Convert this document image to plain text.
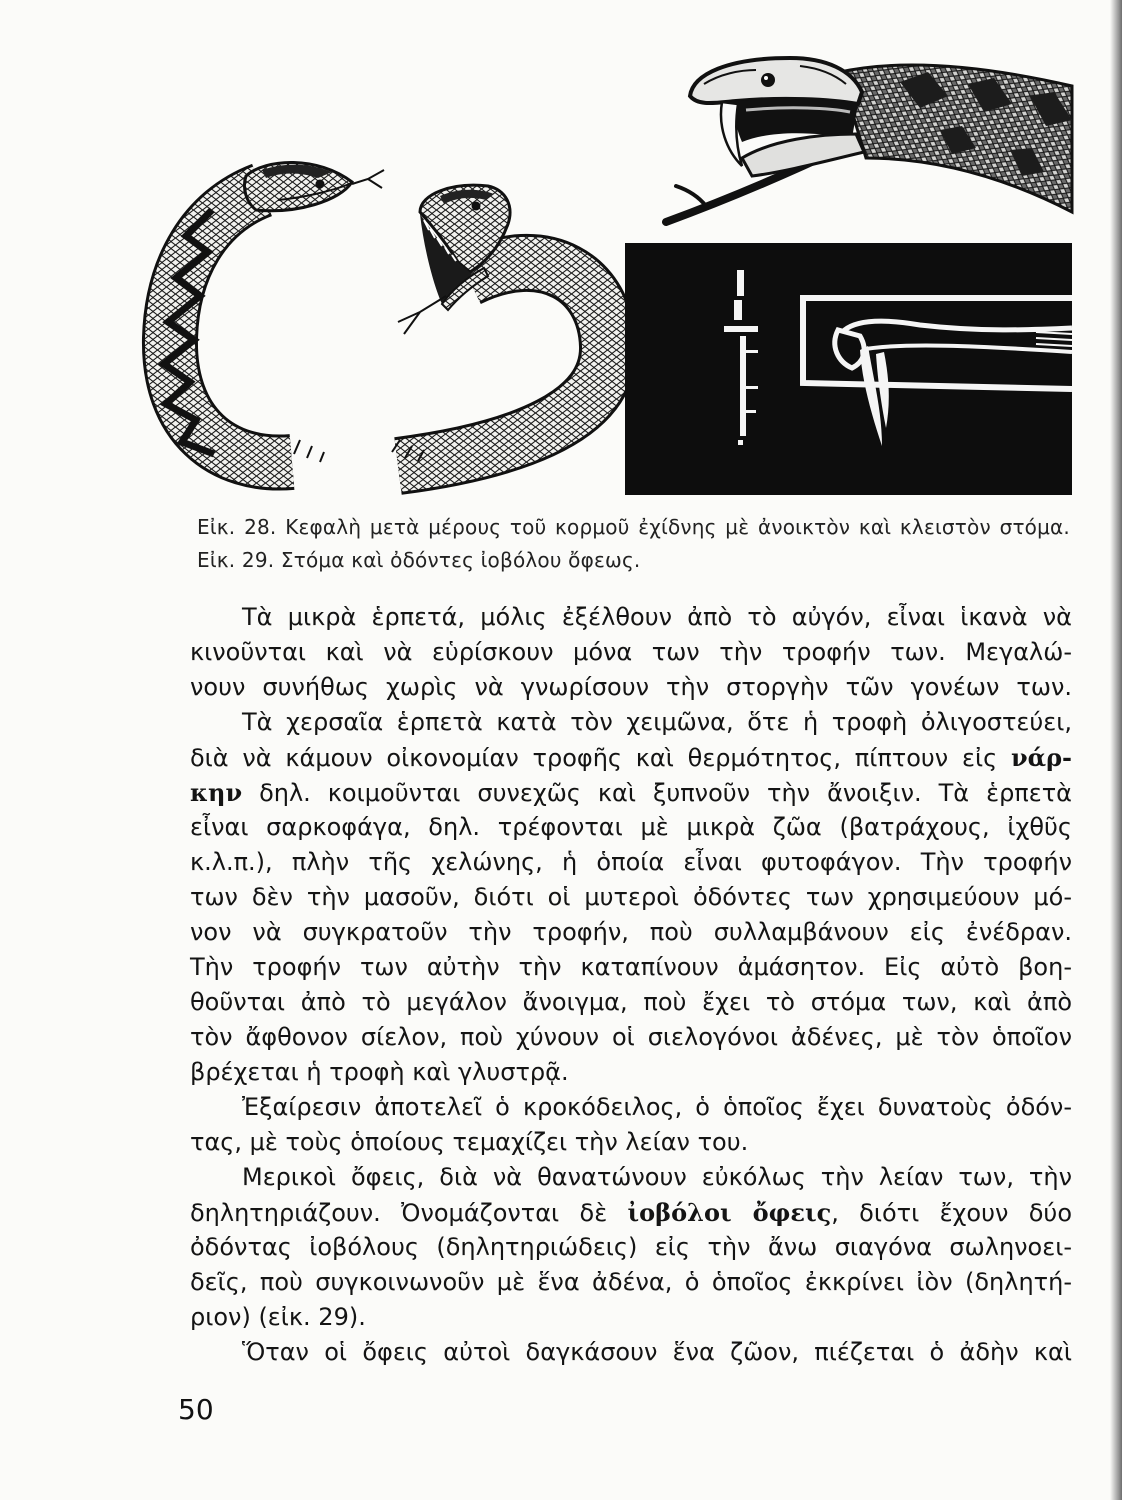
Εἰκ. 28. Κεφαλὴ μετὰ μέρους τοῦ κορμοῦ ἐχίδνης μὲ ἀνοικτὸν καὶ κλειστὸν στόμα.
Εἰκ. 29. Στόμα καὶ ὀδόντες ἰοβόλου ὄφεως.
Τὰ μικρὰ ἑρπετά, μόλις ἐξέλθουν ἀπὸ τὸ αὐγόν, εἶναι ἱκανὰ νὰ
κινοῦνται καὶ νὰ εὑρίσκουν μόνα των τὴν τροφήν των. Μεγαλώ-
νουν συνήθως χωρὶς νὰ γνωρίσουν τὴν στοργὴν τῶν γονέων των.
Τὰ χερσαῖα ἑρπετὰ κατὰ τὸν χειμῶνα, ὅτε ἡ τροφὴ ὀλιγοστεύει,
διὰ νὰ κάμουν οἰκονομίαν τροφῆς καὶ θερμότητος, πίπτουν εἰς νάρ-
κην δηλ. κοιμοῦνται συνεχῶς καὶ ξυπνοῦν τὴν ἄνοιξιν. Τὰ ἑρπετὰ
εἶναι σαρκοφάγα, δηλ. τρέφονται μὲ μικρὰ ζῶα (βατράχους, ἰχθῦς
κ.λ.π.), πλὴν τῆς χελώνης, ἡ ὁποία εἶναι φυτοφάγον. Τὴν τροφήν
των δὲν τὴν μασοῦν, διότι οἱ μυτεροὶ ὀδόντες των χρησιμεύουν μό-
νον νὰ συγκρατοῦν τὴν τροφήν, ποὺ συλλαμβάνουν εἰς ἐνέδραν.
Τὴν τροφήν των αὐτὴν τὴν καταπίνουν ἀμάσητον. Εἰς αὐτὸ βοη-
θοῦνται ἀπὸ τὸ μεγάλον ἄνοιγμα, ποὺ ἔχει τὸ στόμα των, καὶ ἀπὸ
τὸν ἄφθονον σίελον, ποὺ χύνουν οἱ σιελογόνοι ἀδένες, μὲ τὸν ὁποῖον
βρέχεται ἡ τροφὴ καὶ γλυστρᾷ.
Ἐξαίρεσιν ἀποτελεῖ ὁ κροκόδειλος, ὁ ὁποῖος ἔχει δυνατοὺς ὀδόν-
τας, μὲ τοὺς ὁποίους τεμαχίζει τὴν λείαν του.
Μερικοὶ ὄφεις, διὰ νὰ θανατώνουν εὐκόλως τὴν λείαν των, τὴν
δηλητηριάζουν. Ὀνομάζονται δὲ ἰοβόλοι ὄφεις, διότι ἔχουν δύο
ὀδόντας ἰοβόλους (δηλητηριώδεις) εἰς τὴν ἄνω σιαγόνα σωληνοει-
δεῖς, ποὺ συγκοινωνοῦν μὲ ἕνα ἀδένα, ὁ ὁποῖος ἐκκρίνει ἰὸν (δηλητή-
ριον) (εἰκ. 29).
Ὅταν οἱ ὄφεις αὐτοὶ δαγκάσουν ἕνα ζῶον, πιέζεται ὁ ἀδὴν καὶ
50
